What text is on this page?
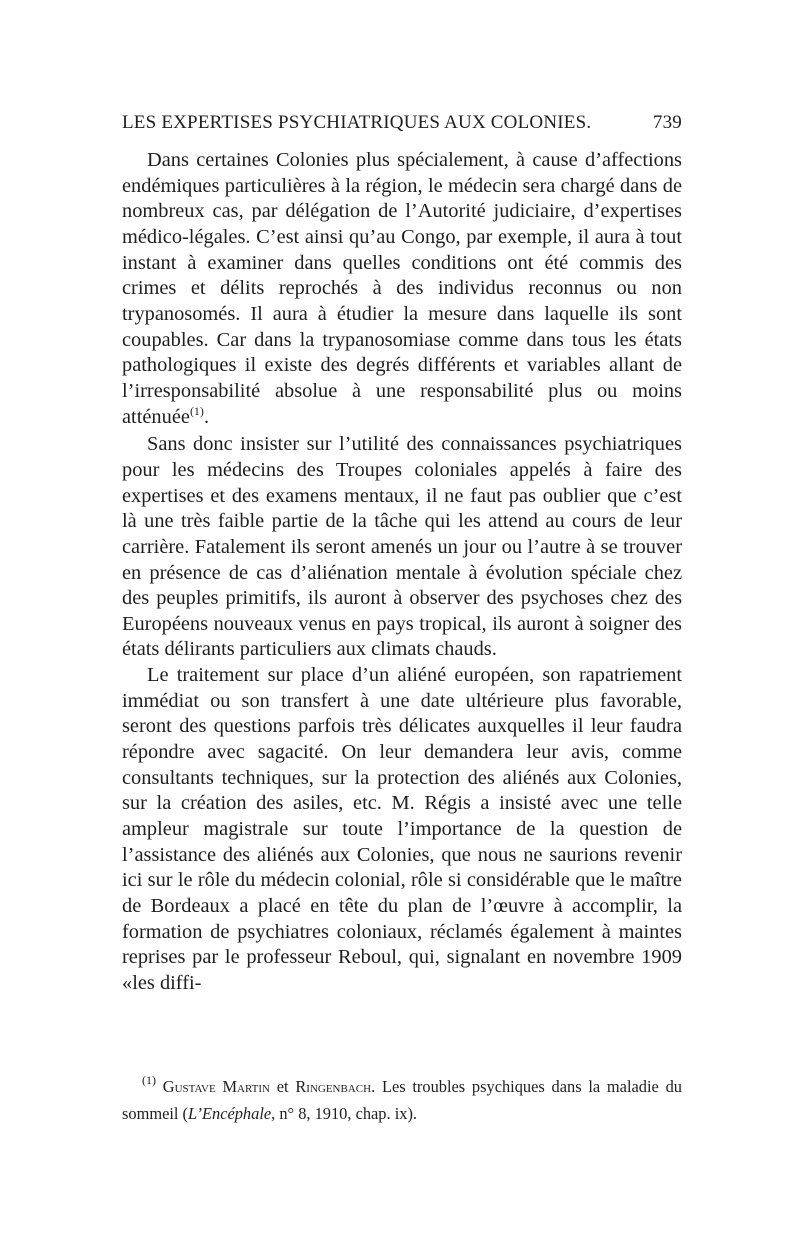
LES EXPERTISES PSYCHIATRIQUES AUX COLONIES.	739

Dans certaines Colonies plus spécialement, à cause d’affections endémiques particulières à la région, le médecin sera chargé dans de nombreux cas, par délégation de l’Autorité judiciaire, d’expertises médico-légales. C’est ainsi qu’au Congo, par exemple, il aura à tout instant à examiner dans quelles conditions ont été commis des crimes et délits reprochés à des individus reconnus ou non trypanosomés. Il aura à étudier la mesure dans laquelle ils sont coupables. Car dans la trypanosomiase comme dans tous les états pathologiques il existe des degrés différents et variables allant de l’irresponsabilité absolue à une responsabilité plus ou moins atténuée$^{(1)}$.

Sans donc insister sur l’utilité des connaissances psychiatriques pour les médecins des Troupes coloniales appelés à faire des expertises et des examens mentaux, il ne faut pas oublier que c’est là une très faible partie de la tâche qui les attend au cours de leur carrière. Fatalement ils seront amenés un jour ou l’autre à se trouver en présence de cas d’aliénation mentale à évolution spéciale chez des peuples primitifs, ils auront à observer des psychoses chez des Européens nouveaux venus en pays tropical, ils auront à soigner des états délirants particuliers aux climats chauds.

Le traitement sur place d’un aliéné européen, son rapatriement immédiat ou son transfert à une date ultérieure plus favorable, seront des questions parfois très délicates auxquelles il leur faudra répondre avec sagacité. On leur demandera leur avis, comme consultants techniques, sur la protection des aliénés aux Colonies, sur la création des asiles, etc. M. Régis a insisté avec une telle ampleur magistrale sur toute l’importance de la question de l’assistance des aliénés aux Colonies, que nous ne saurions revenir ici sur le rôle du médecin colonial, rôle si considérable que le maître de Bordeaux a placé en tête du plan de l’œuvre à accomplir, la formation de psychiatres coloniaux, réclamés également à maintes reprises par le professeur Reboul, qui, signalant en novembre 1909 «les diffi-

$^{(1)}$ Gustave Martin et Ringenbach. Les troubles psychiques dans la maladie du sommeil (L’Encéphale, n° 8, 1910, chap. ix).
